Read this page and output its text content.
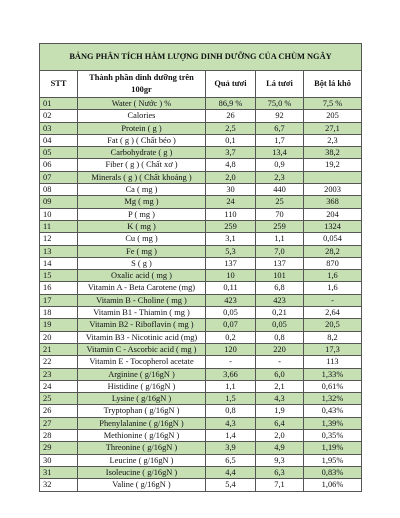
BẢNG PHÂN TÍCH HÀM LƯỢNG DINH DƯỠNG CỦA CHÙM NGÂY				
STT	Thành phần dinh dưỡng trên 100gr	Quả tươi	Lá tươi	Bột lá khô
01	Water ( Nước ) %	86,9 %	75,0 %	7,5 %
02	Calories	26	92	205
03	Protein ( g )	2,5	6,7	27,1
04	Fat ( g ) ( Chất béo )	0,1	1,7	2,3
05	Carbohydrate ( g )	3,7	13,4	38,2
06	Fiber ( g ) ( Chất xơ )	4,8	0,9	19,2
07	Minerals ( g ) ( Chất khoáng )	2,0	2,3	
08	Ca ( mg )	30	440	2003
09	Mg ( mg )	24	25	368
10	P ( mg )	110	70	204
11	K ( mg )	259	259	1324
12	Cu ( mg )	3,1	1,1	0,054
13	Fe ( mg )	5,3	7,0	28,2
14	S ( g )	137	137	870
15	Oxalic acid ( mg )	10	101	1,6
16	Vitamin A - Beta Carotene (mg)	0,11	6,8	1,6
17	Vitamin B - Choline ( mg )	423	423	-
18	Vitamin B1 - Thiamin ( mg )	0,05	0,21	2,64
19	Vitamin B2 - Riboflavin ( mg )	0,07	0,05	20,5
20	Vitamin B3 - Nicotinic acid (mg)	0,2	0,8	8,2
21	Vitamin C - Ascorbic acid ( mg )	120	220	17,3
22	Vitamin E - Tocopherol acetate	-	-	113
23	Arginine ( g/16gN )	3,66	6,0	1,33%
24	Histidine ( g/16gN )	1,1	2,1	0,61%
25	Lysine ( g/16gN )	1,5	4,3	1,32%
26	Tryptophan ( g/16gN )	0,8	1,9	0,43%
27	Phenylalanine ( g/16gN )	4,3	6,4	1,39%
28	Methionine ( g/16gN )	1,4	2,0	0,35%
29	Threonine ( g/16gN )	3,9	4,9	1,19%
30	Leucine ( g/16gN )	6,5	9,3	1,95%
31	Isoleucine ( g/16gN )	4,4	6,3	0,83%
32	Valine ( g/16gN )	5,4	7,1	1,06%
